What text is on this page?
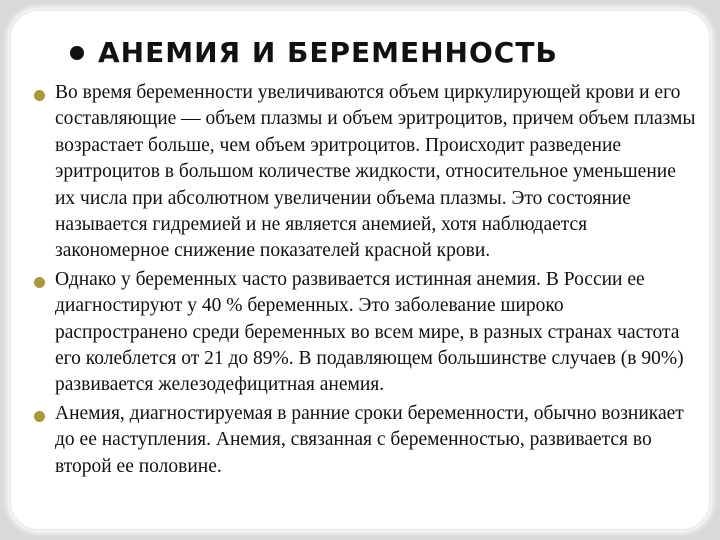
АНЕМИЯ И БЕРЕМЕННОСТЬ
Во время беременности увеличиваются объем циркулирующей крови и его составляющие — объем плазмы и объем эритроцитов, причем объем плазмы возрастает больше, чем объем эритроцитов. Происходит разведение эритроцитов в большом количестве жидкости, относительное уменьшение их числа при абсолютном увеличении объема плазмы. Это состояние называется гидремией и не является анемией, хотя наблюдается закономерное снижение показателей красной крови.
Однако у беременных часто развивается истинная анемия. В России ее диагностируют у 40 % беременных. Это заболевание широко распространено среди беременных во всем мире, в разных странах частота его колеблется от 21 до 89%. В подавляющем большинстве случаев (в 90%) развивается железодефицитная анемия.
Анемия, диагностируемая в ранние сроки беременности, обычно возникает до ее наступления. Анемия, связанная с беременностью, развивается во второй ее половине.
